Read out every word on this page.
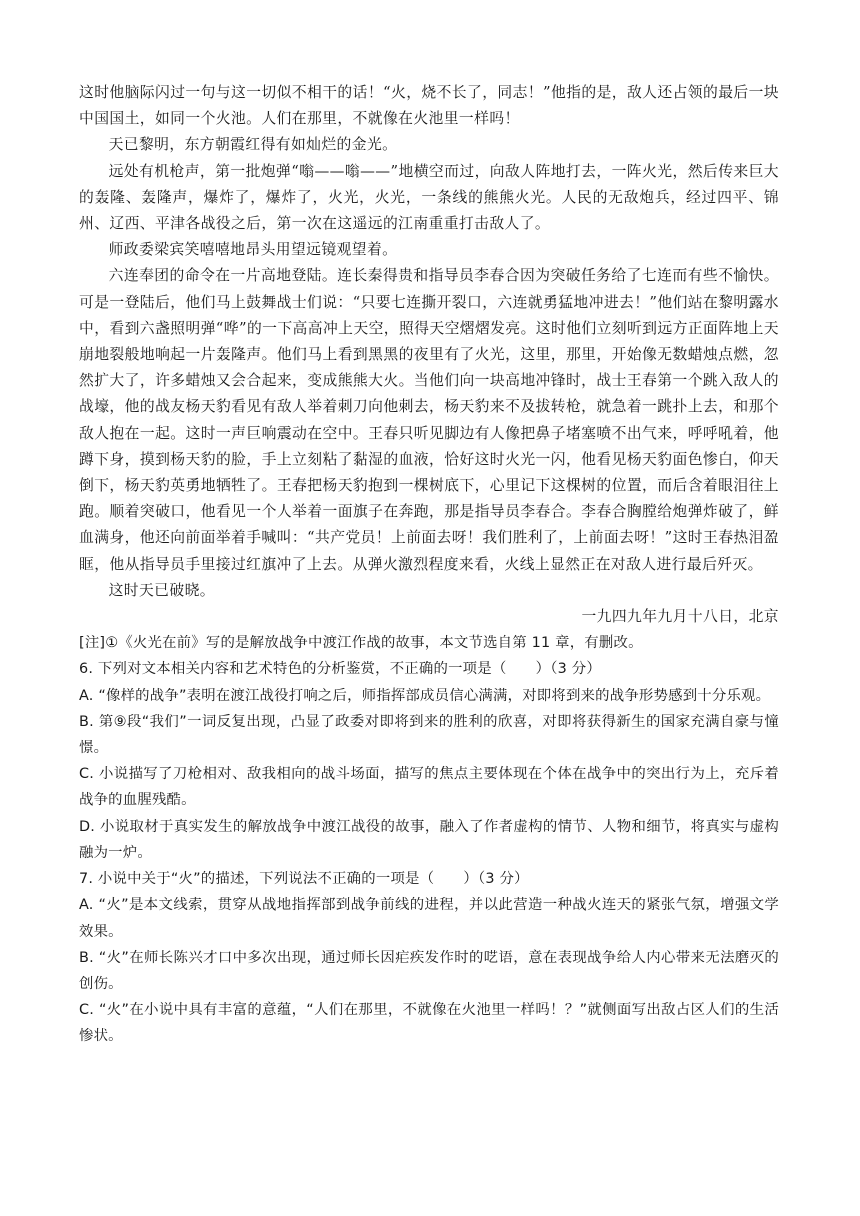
这时他脑际闪过一句与这一切似不相干的话！“火，烧不长了，同志！”他指的是，敌人还占领的最后一块中国国土，如同一个火池。人们在那里，不就像在火池里一样吗！

天已黎明，东方朝霞红得有如灿烂的金光。

远处有机枪声，第一批炮弹“嗡——嗡——”地横空而过，向敌人阵地打去，一阵火光，然后传来巨大的轰隆、轰隆声，爆炸了，爆炸了，火光，火光，一条线的熊熊火光。人民的无敌炮兵，经过四平、锦州、辽西、平津各战役之后，第一次在这遥远的江南重重打击敌人了。

师政委梁宾笑嘻嘻地昂头用望远镜观望着。

六连奉团的命令在一片高地登陆。连长秦得贵和指导员李春合因为突破任务给了七连而有些不愉快。可是一登陆后，他们马上鼓舞战士们说：“只要七连撕开裂口，六连就勇猛地冲进去！”他们站在黎明露水中，看到六盏照明弹“哗”的一下高高冲上天空，照得天空熠熠发亮。这时他们立刻听到远方正面阵地上天崩地裂般地响起一片轰隆声。他们马上看到黑黑的夜里有了火光，这里，那里，开始像无数蜡烛点燃，忽然扩大了，许多蜡烛又会合起来，变成熊熊大火。当他们向一块高地冲锋时，战士王春第一个跳入敌人的战壕，他的战友杨天豹看见有敌人举着刺刀向他刺去，杨天豹来不及拔转枪，就急着一跳扑上去，和那个敌人抱在一起。这时一声巨响震动在空中。王春只听见脚边有人像把鼻子堵塞喷不出气来，呼呼吼着，他蹲下身，摸到杨天豹的脸，手上立刻粘了黏湿的血液，恰好这时火光一闪，他看见杨天豹面色惨白，仰天倒下，杨天豹英勇地牺牲了。王春把杨天豹抱到一棵树底下，心里记下这棵树的位置，而后含着眼泪往上跑。顺着突破口，他看见一个人举着一面旗子在奔跑，那是指导员李春合。李春合胸膛给炮弹炸破了，鲜血满身，他还向前面举着手喊叫：“共产党员！上前面去呀！我们胜利了，上前面去呀！”这时王春热泪盈眶，他从指导员手里接过红旗冲了上去。从弹火激烈程度来看，火线上显然正在对敌人进行最后歼灭。

这时天已破晓。

一九四九年九月十八日，北京

[注]①《火光在前》写的是解放战争中渡江作战的故事，本文节选自第 11 章，有删改。

6. 下列对文本相关内容和艺术特色的分析鉴赏，不正确的一项是（　　）（3 分）

A. “像样的战争”表明在渡江战役打响之后，师指挥部成员信心满满，对即将到来的战争形势感到十分乐观。

B. 第⑨段“我们”一词反复出现，凸显了政委对即将到来的胜利的欣喜，对即将获得新生的国家充满自豪与憧憬。

C. 小说描写了刀枪相对、敌我相向的战斗场面，描写的焦点主要体现在个体在战争中的突出行为上，充斥着战争的血腥残酷。

D. 小说取材于真实发生的解放战争中渡江战役的故事，融入了作者虚构的情节、人物和细节，将真实与虚构融为一炉。

7. 小说中关于“火”的描述，下列说法不正确的一项是（　　）（3 分）

A. “火”是本文线索，贯穿从战地指挥部到战争前线的进程，并以此营造一种战火连天的紧张气氛，增强文学效果。

B. “火”在师长陈兴才口中多次出现，通过师长因疟疾发作时的呓语，意在表现战争给人内心带来无法磨灭的创伤。

C. “火”在小说中具有丰富的意蕴，“人们在那里，不就像在火池里一样吗！？”就侧面写出敌占区人们的生活惨状。
